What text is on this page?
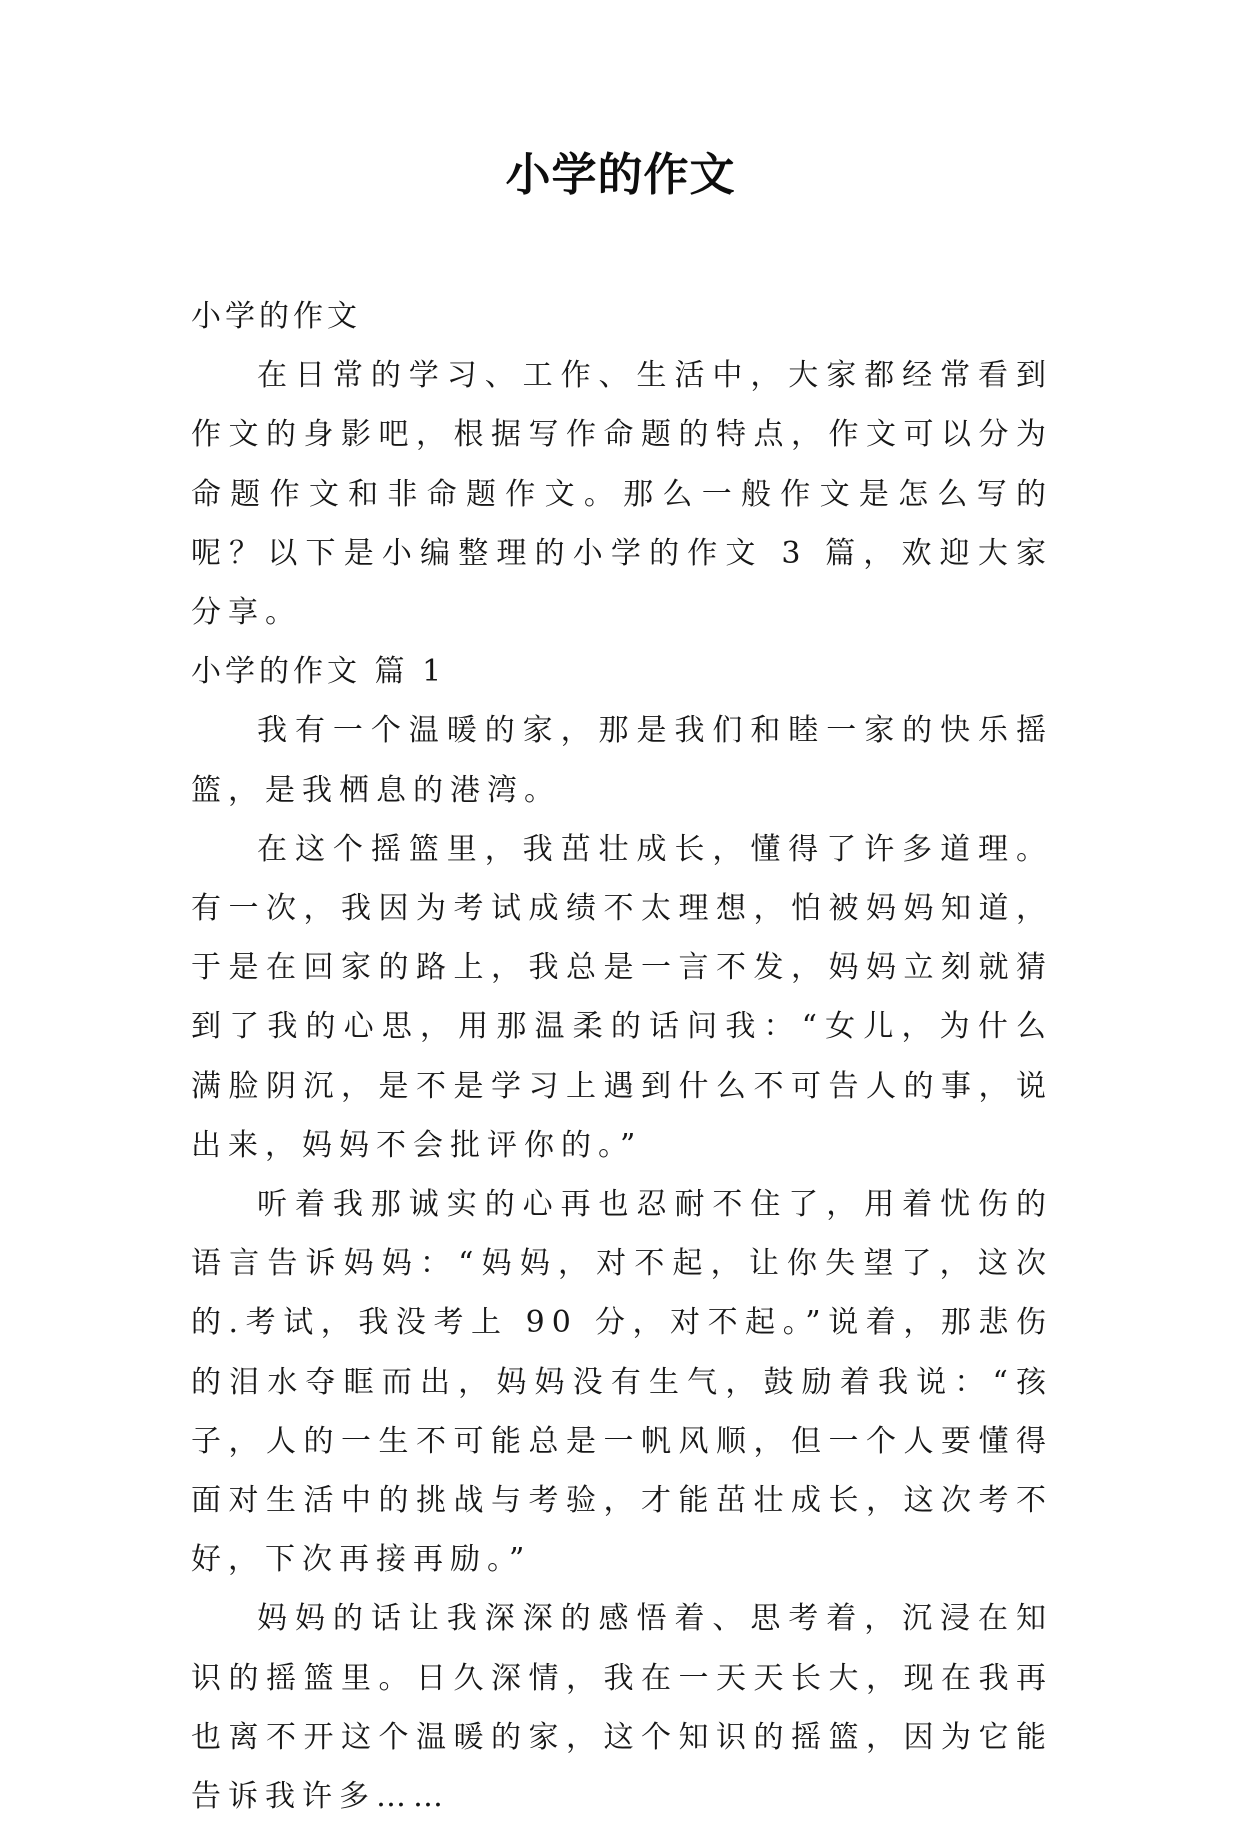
小学的作文

小学的作文

在日常的学习、工作、生活中，大家都经常看到作文的身影吧，根据写作命题的特点，作文可以分为命题作文和非命题作文。那么一般作文是怎么写的呢？以下是小编整理的小学的作文 3 篇，欢迎大家分享。

小学的作文 篇 1

我有一个温暖的家，那是我们和睦一家的快乐摇篮，是我栖息的港湾。

在这个摇篮里，我茁壮成长，懂得了许多道理。有一次，我因为考试成绩不太理想，怕被妈妈知道，于是在回家的路上，我总是一言不发，妈妈立刻就猜到了我的心思，用那温柔的话问我：“女儿，为什么满脸阴沉，是不是学习上遇到什么不可告人的事，说出来，妈妈不会批评你的。”

听着我那诚实的心再也忍耐不住了，用着忧伤的语言告诉妈妈：“妈妈，对不起，让你失望了，这次的.考试，我没考上 90 分，对不起。”说着，那悲伤的泪水夺眶而出，妈妈没有生气，鼓励着我说：“孩子，人的一生不可能总是一帆风顺，但一个人要懂得面对生活中的挑战与考验，才能茁壮成长，这次考不好，下次再接再励。”

妈妈的话让我深深的感悟着、思考着，沉浸在知识的摇篮里。日久深情，我在一天天长大，现在我再也离不开这个温暖的家，这个知识的摇篮，因为它能告诉我许多……
